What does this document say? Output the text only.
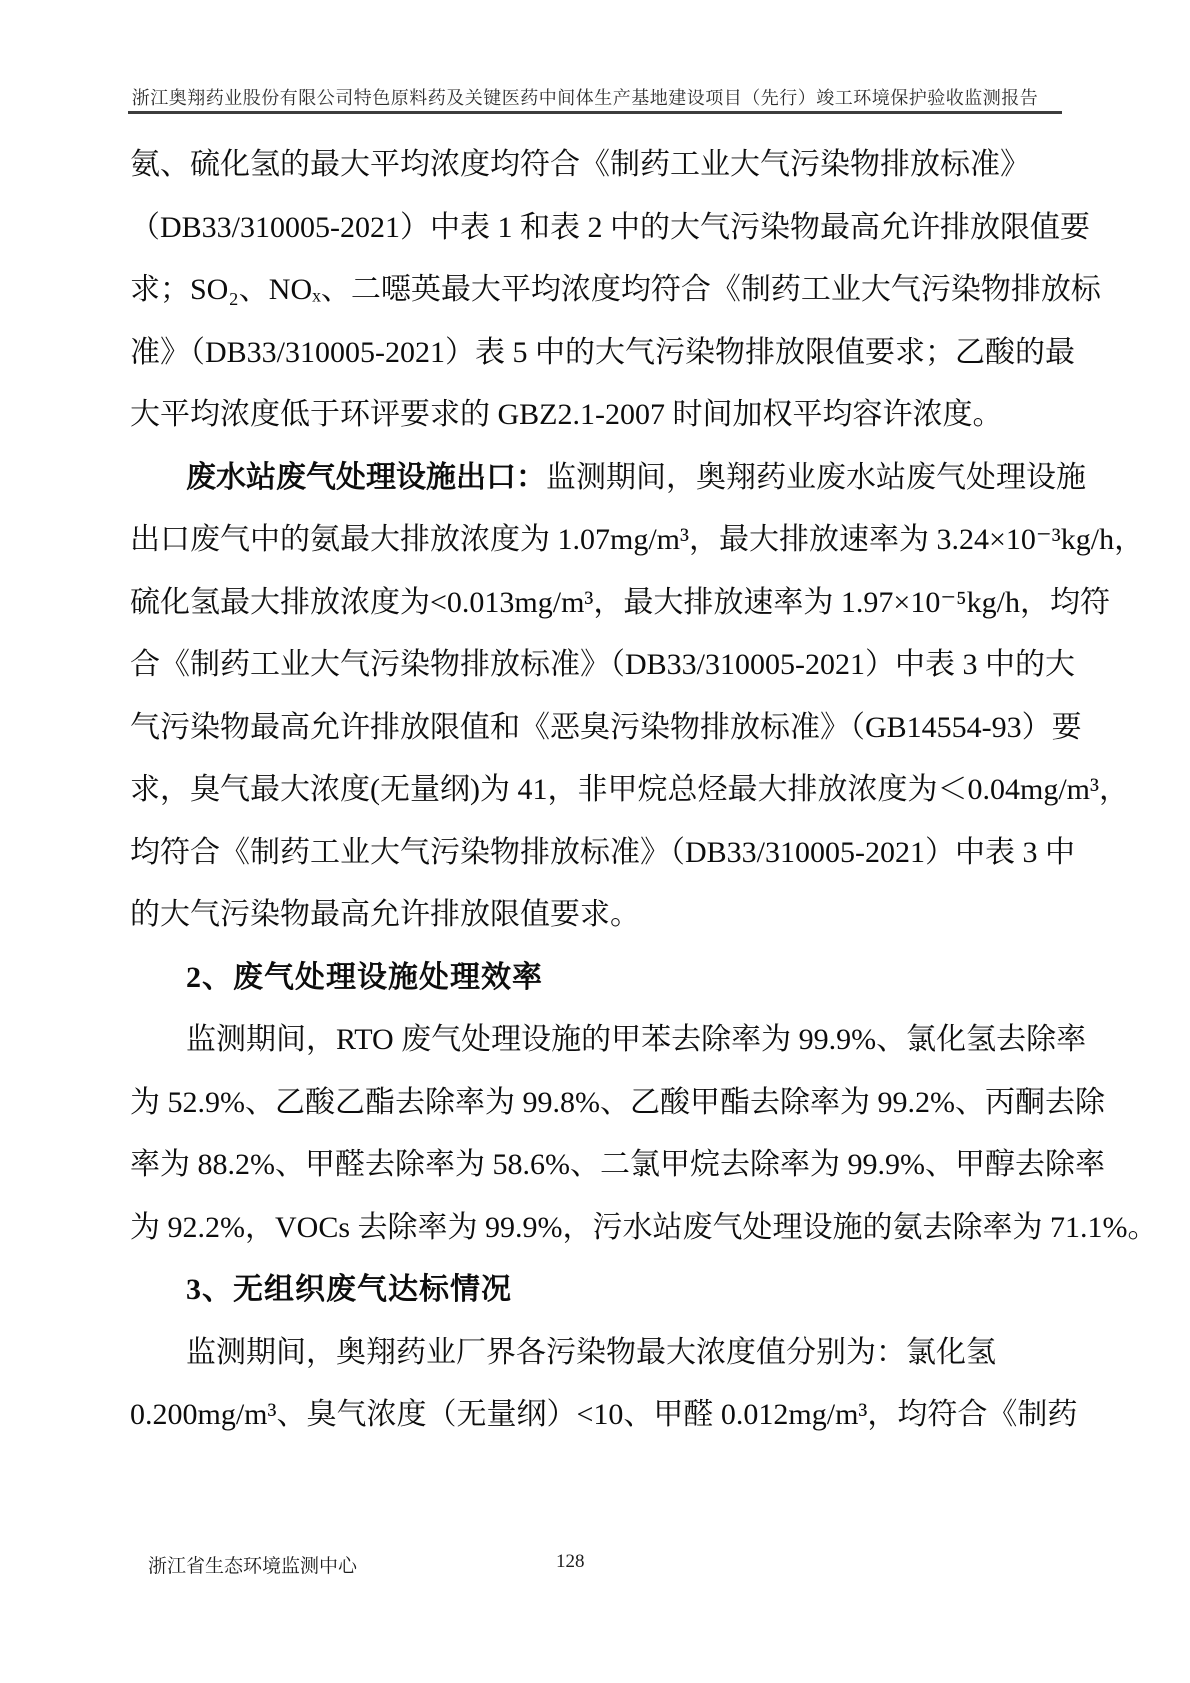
浙江奥翔药业股份有限公司特色原料药及关键医药中间体生产基地建设项目（先行）竣工环境保护验收监测报告
氨、硫化氢的最大平均浓度均符合《制药工业大气污染物排放标准》
（DB33/310005-2021）中表 1 和表 2 中的大气污染物最高允许排放限值要
求；SO₂、NOₓ、二噁英最大平均浓度均符合《制药工业大气污染物排放标
准》（DB33/310005-2021）表 5 中的大气污染物排放限值要求；乙酸的最
大平均浓度低于环评要求的 GBZ2.1-2007 时间加权平均容许浓度。
废水站废气处理设施出口：监测期间，奥翔药业废水站废气处理设施
出口废气中的氨最大排放浓度为 1.07mg/m³，最大排放速率为 3.24×10⁻³kg/h，
硫化氢最大排放浓度为<0.013mg/m³，最大排放速率为 1.97×10⁻⁵kg/h，均符
合《制药工业大气污染物排放标准》（DB33/310005-2021）中表 3 中的大
气污染物最高允许排放限值和《恶臭污染物排放标准》（GB14554-93）要
求，臭气最大浓度(无量纲)为 41，非甲烷总烃最大排放浓度为＜0.04mg/m³，
均符合《制药工业大气污染物排放标准》（DB33/310005-2021）中表 3 中
的大气污染物最高允许排放限值要求。
2、废气处理设施处理效率
监测期间，RTO 废气处理设施的甲苯去除率为 99.9%、氯化氢去除率
为 52.9%、乙酸乙酯去除率为 99.8%、乙酸甲酯去除率为 99.2%、丙酮去除
率为 88.2%、甲醛去除率为 58.6%、二氯甲烷去除率为 99.9%、甲醇去除率
为 92.2%，VOCs 去除率为 99.9%，污水站废气处理设施的氨去除率为 71.1%。
3、无组织废气达标情况
监测期间，奥翔药业厂界各污染物最大浓度值分别为：氯化氢
0.200mg/m³、臭气浓度（无量纲）<10、甲醛 0.012mg/m³，均符合《制药
浙江省生态环境监测中心	128
